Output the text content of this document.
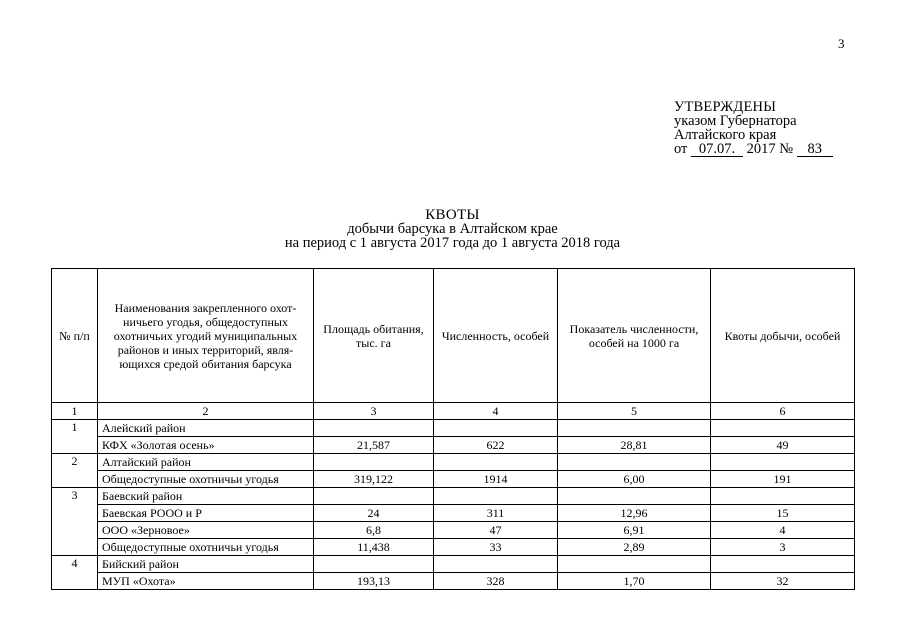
3
УТВЕРЖДЕНЫ
указом Губернатора
Алтайского края
от 07.07. 2017 № 83
КВОТЫ
добычи барсука в Алтайском крае
на период с 1 августа 2017 года до 1 августа 2018 года
№ п/п	Наименования закрепленного охот-ничьего угодья, общедоступных охотничьих угодий муниципальных районов и иных территорий, явля-ющихся средой обитания барсука	Площадь обитания, тыс. га	Численность, особей	Показатель численности, особей на 1000 га	Квоты добычи, особей
1	2	3	4	5	6
1	Алейский район				
	КФХ «Золотая осень»	21,587	622	28,81	49
2	Алтайский район				
	Общедоступные охотничьи угодья	319,122	1914	6,00	191
3	Баевский район				
	Баевская РООО и Р	24	311	12,96	15
	ООО «Зерновое»	6,8	47	6,91	4
	Общедоступные охотничьи угодья	11,438	33	2,89	3
4	Бийский район				
	МУП «Охота»	193,13	328	1,70	32
